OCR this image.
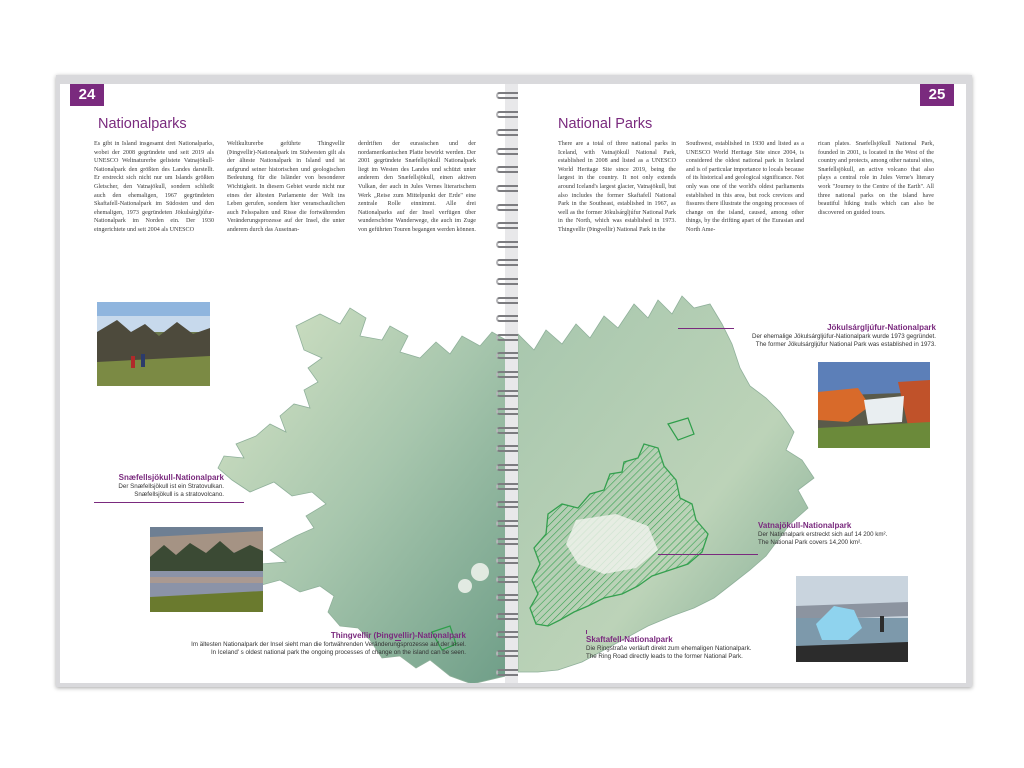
24
Nationalparks
Es gibt in Island insgesamt drei Nationalparks, wobei der 2008 gegründete und seit 2019 als UNESCO Weltnaturerbe gelistete Vatnajökull-Nationalpark den größten des Landes darstellt. Er erstreckt sich nicht nur um Islands größten Gletscher, den Vatnajökull, sondern schließt auch den ehemaligen, 1967 gegründeten Skaftafell-Nationalpark im Südosten und den ehemaligen, 1973 gegründeten Jökulsárgljúfur-Nationalpark im Norden ein. Der 1930 eingerichtete und seit 2004 als UNESCO
Weltkulturerbe geführte Thingvellir (Þingvellir)-Nationalpark im Südwesten gilt als der älteste Nationalpark in Island und ist aufgrund seiner historischen und geologischen Bedeutung für die Isländer von besonderer Wichtigkeit. In diesem Gebiet wurde nicht nur eines der ältesten Parlamente der Welt ins Leben gerufen, sondern hier veranschaulichen auch Felsspalten und Risse die fortwährenden Veränderungsprozesse auf der Insel, die unter anderem durch das Auseinan-
derdriften der eurasischen und der nordamerikanischen Platte bewirkt werden. Der 2001 gegründete Snæfellsjökull Nationalpark liegt im Westen des Landes und schützt unter anderem den Snæfellsjökull, einen aktiven Vulkan, der auch in Jules Vernes literarischem Werk „Reise zum Mittelpunkt der Erde" eine zentrale Rolle einnimmt. Alle drei Nationalparks auf der Insel verfügen über wunderschöne Wanderwege, die auch im Zuge von geführten Touren begangen werden können.
Snæfellsjökull-Nationalpark
Der Snæfellsjökull ist ein Stratovulkan.
Snæfellsjökull is a stratovolcano.
Thingvellir (Þingvellir)-Nationalpark
Im ältesten Nationalpark der Insel sieht man die fortwährenden Veränderungsprozesse auf der Insel.
In Iceland' s oldest national park the ongoing processes of change on the island can be seen.
25
National Parks
There are a total of three national parks in Iceland, with Vatnajökull National Park, established in 2008 and listed as a UNESCO World Heritage Site since 2019, being the largest in the country. It not only extends around Iceland's largest glacier, Vatnajökull, but also includes the former Skaftafell National Park in the Southeast, established in 1967, as well as the former Jökulsárgljúfur National Park in the North, which was established in 1973. Thingvellir (Þingvellir) National Park in the
Southwest, established in 1930 and listed as a UNESCO World Heritage Site since 2004, is considered the oldest national park in Iceland and is of particular importance to locals because of its historical and geological significance. Not only was one of the world's oldest parliaments established in this area, but rock crevices and fissures there illustrate the ongoing processes of change on the island, caused, among other things, by the drifting apart of the Eurasian and North Ame-
rican plates. Snæfellsjökull National Park, founded in 2001, is located in the West of the country and protects, among other natural sites, Snæfellsjökull, an active volcano that also plays a central role in Jules Verne's literary work "Journey to the Centre of the Earth". All three national parks on the island have beautiful hiking trails which can also be discovered on guided tours.
Jökulsárgljúfur-Nationalpark
Der ehemalige Jökulsárgljúfur-Nationalpark wurde 1973 gegründet.
The former Jökulsárgljúfur National Park was established in 1973.
Vatnajökull-Nationalpark
Der Nationalpark erstreckt sich auf 14 200 km².
The National Park covers 14,200 km².
Skaftafell-Nationalpark
Die Ringstraße verläuft direkt zum ehemaligen Nationalpark.
The Ring Road directly leads to the former National Park.
